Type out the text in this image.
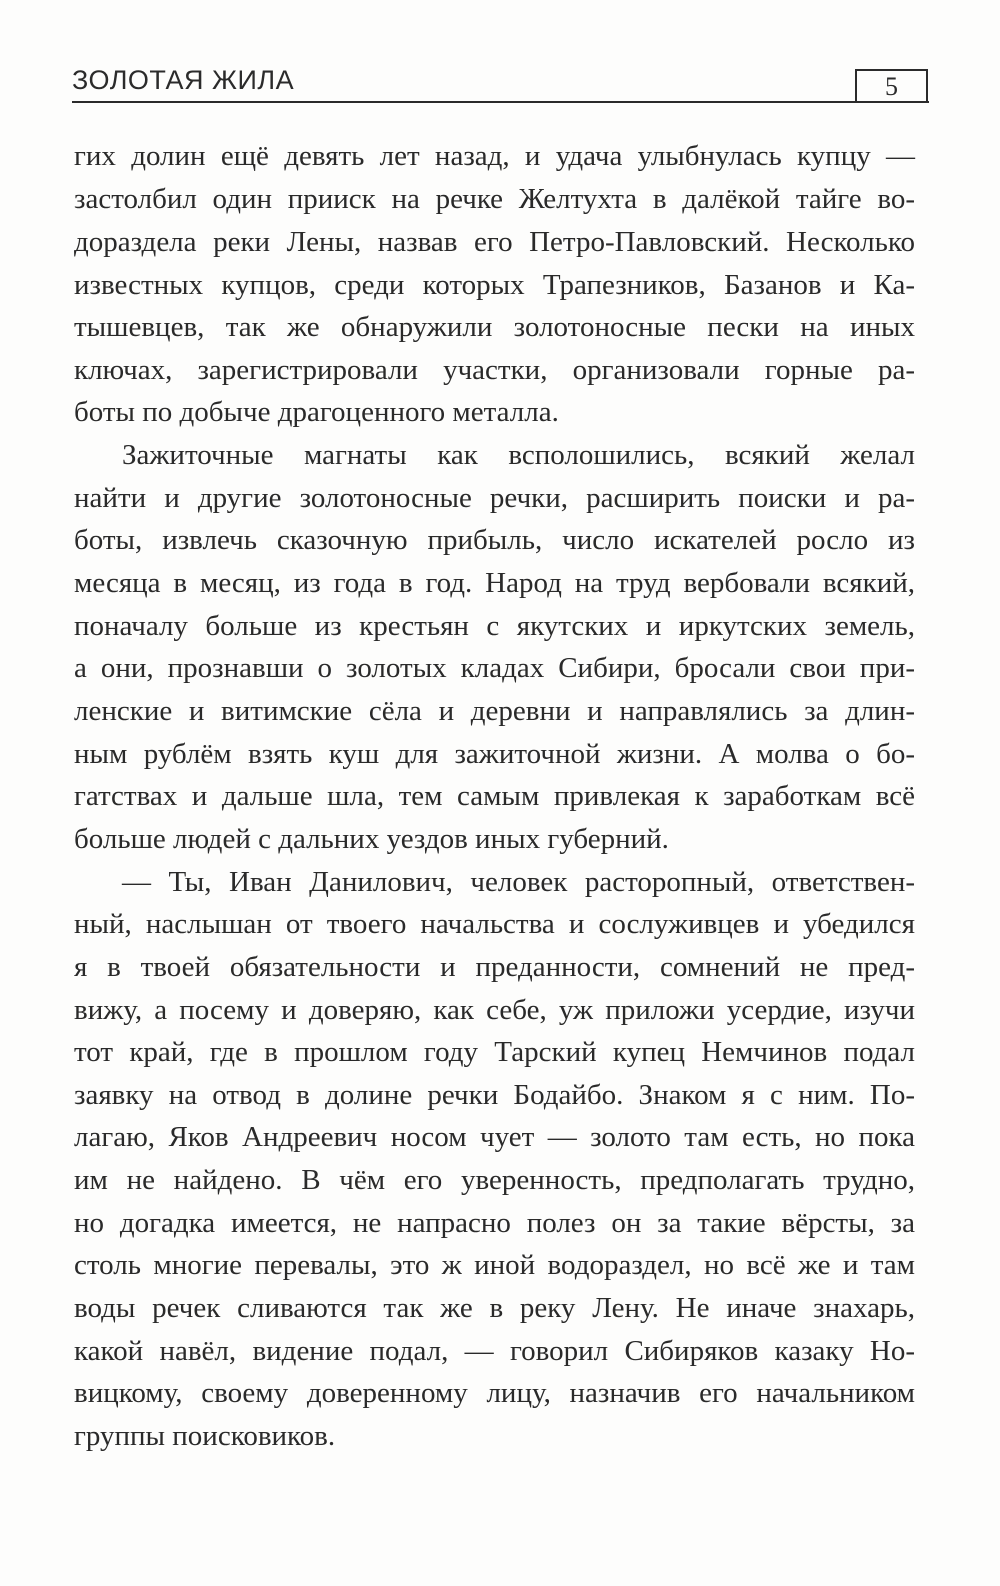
ЗОЛОТАЯ ЖИЛА	5
гих долин ещё девять лет назад, и удача улыбнулась купцу —
застолбил один прииск на речке Желтухта в далёкой тайге во-
дораздела реки Лены, назвав его Петро-Павловский. Несколько
известных купцов, среди которых Трапезников, Базанов и Ка-
тышевцев, так же обнаружили золотоносные пески на иных
ключах, зарегистрировали участки, организовали горные ра-
боты по добыче драгоценного металла.
Зажиточные магнаты как всполошились, всякий желал
найти и другие золотоносные речки, расширить поиски и ра-
боты, извлечь сказочную прибыль, число искателей росло из
месяца в месяц, из года в год. Народ на труд вербовали всякий,
поначалу больше из крестьян с якутских и иркутских земель,
а они, прознавши о золотых кладах Сибири, бросали свои при-
ленские и витимские сёла и деревни и направлялись за длин-
ным рублём взять куш для зажиточной жизни. А молва о бо-
гатствах и дальше шла, тем самым привлекая к заработкам всё
больше людей с дальних уездов иных губерний.
— Ты, Иван Данилович, человек расторопный, ответствен-
ный, наслышан от твоего начальства и сослуживцев и убедился
я в твоей обязательности и преданности, сомнений не пред-
вижу, а посему и доверяю, как себе, уж приложи усердие, изучи
тот край, где в прошлом году Тарский купец Немчинов подал
заявку на отвод в долине речки Бодайбо. Знаком я с ним. По-
лагаю, Яков Андреевич носом чует — золото там есть, но пока
им не найдено. В чём его уверенность, предполагать трудно,
но догадка имеется, не напрасно полез он за такие вёрсты, за
столь многие перевалы, это ж иной водораздел, но всё же и там
воды речек сливаются так же в реку Лену. Не иначе знахарь,
какой навёл, видение подал, — говорил Сибиряков казаку Но-
вицкому, своему доверенному лицу, назначив его начальником
группы поисковиков.
